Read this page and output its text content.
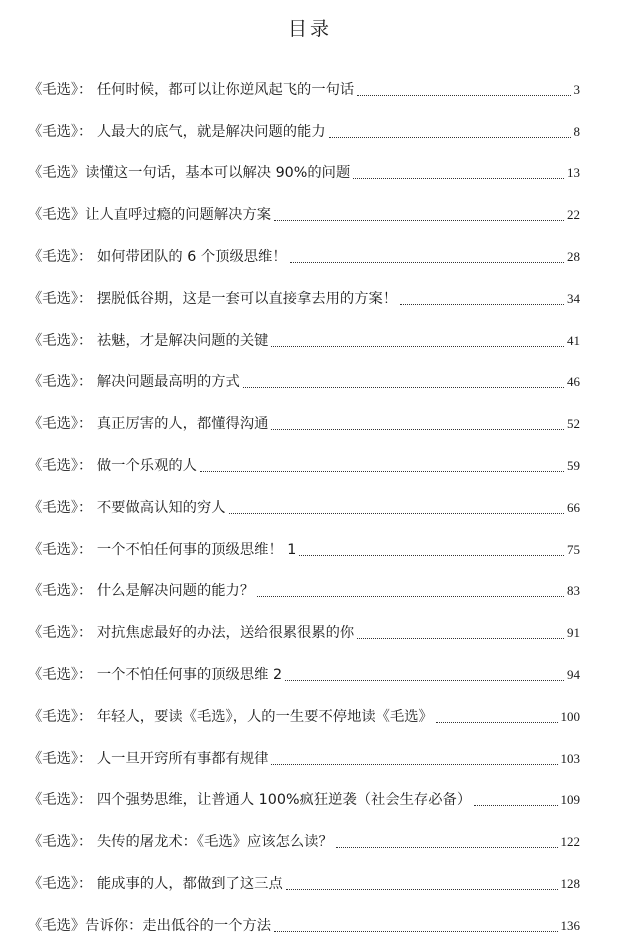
目录
《毛选》： 任何时候，都可以让你逆风起飞的一句话	3
《毛选》： 人最大的底气，就是解决问题的能力	8
《毛选》读懂这一句话，基本可以解决 90%的问题	13
《毛选》让人直呼过瘾的问题解决方案	22
《毛选》： 如何带团队的 6 个顶级思维！	28
《毛选》： 摆脱低谷期，这是一套可以直接拿去用的方案！	34
《毛选》： 祛魅，才是解决问题的关键	41
《毛选》： 解决问题最高明的方式	46
《毛选》： 真正厉害的人，都懂得沟通	52
《毛选》： 做一个乐观的人	59
《毛选》： 不要做高认知的穷人	66
《毛选》： 一个不怕任何事的顶级思维！ 1	75
《毛选》： 什么是解决问题的能力？	83
《毛选》： 对抗焦虑最好的办法，送给很累很累的你	91
《毛选》： 一个不怕任何事的顶级思维 2	94
《毛选》： 年轻人，要读《毛选》，人的一生要不停地读《毛选》	100
《毛选》： 人一旦开窍所有事都有规律	103
《毛选》： 四个强势思维，让普通人 100%疯狂逆袭（社会生存必备）	109
《毛选》： 失传的屠龙术：《毛选》应该怎么读？	122
《毛选》： 能成事的人，都做到了这三点	128
《毛选》告诉你：走出低谷的一个方法	136
